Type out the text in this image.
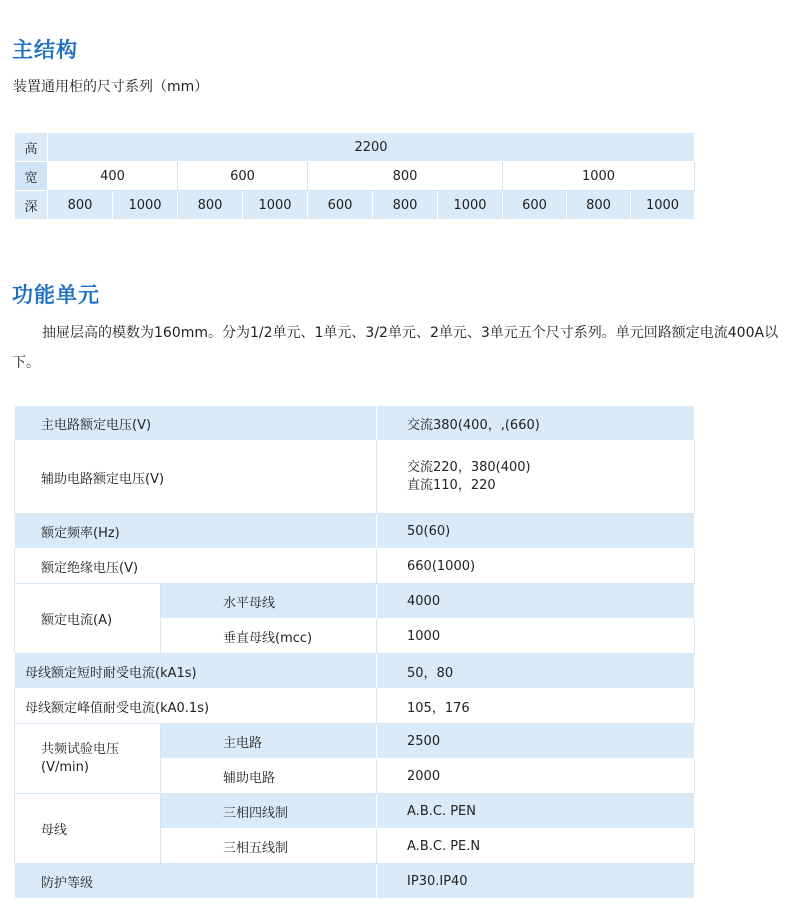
主结构
装置通用柜的尺寸系列（mm）
高	2200									
宽	400		600		800			1000		
深	800	1000	800	1000	600	800	1000	600	800	1000
功能单元
抽屉层高的模数为160mm。分为1/2单元、1单元、3/2单元、2单元、3单元五个尺寸系列。单元回路额定电流400A以下。
主电路额定电压(V)		交流380(400，,(660)
辅助电路额定电压(V)		交流220，380(400)
直流110，220

额定频率(Hz)		50(60)
额定绝缘电压(V)		660(1000)
额定电流(A)	水平母线	4000
	垂直母线(mcc)	1000
母线额定短时耐受电流(kA1s)		50，80
母线额定峰值耐受电流(kA0.1s)		105，176

共频试验电压
(V/min)	主电路	2500
	辅助电路	2000
母线	三相四线制	A.B.C. PEN
	三相五线制	A.B.C. PE.N
防护等级		IP30.IP40
